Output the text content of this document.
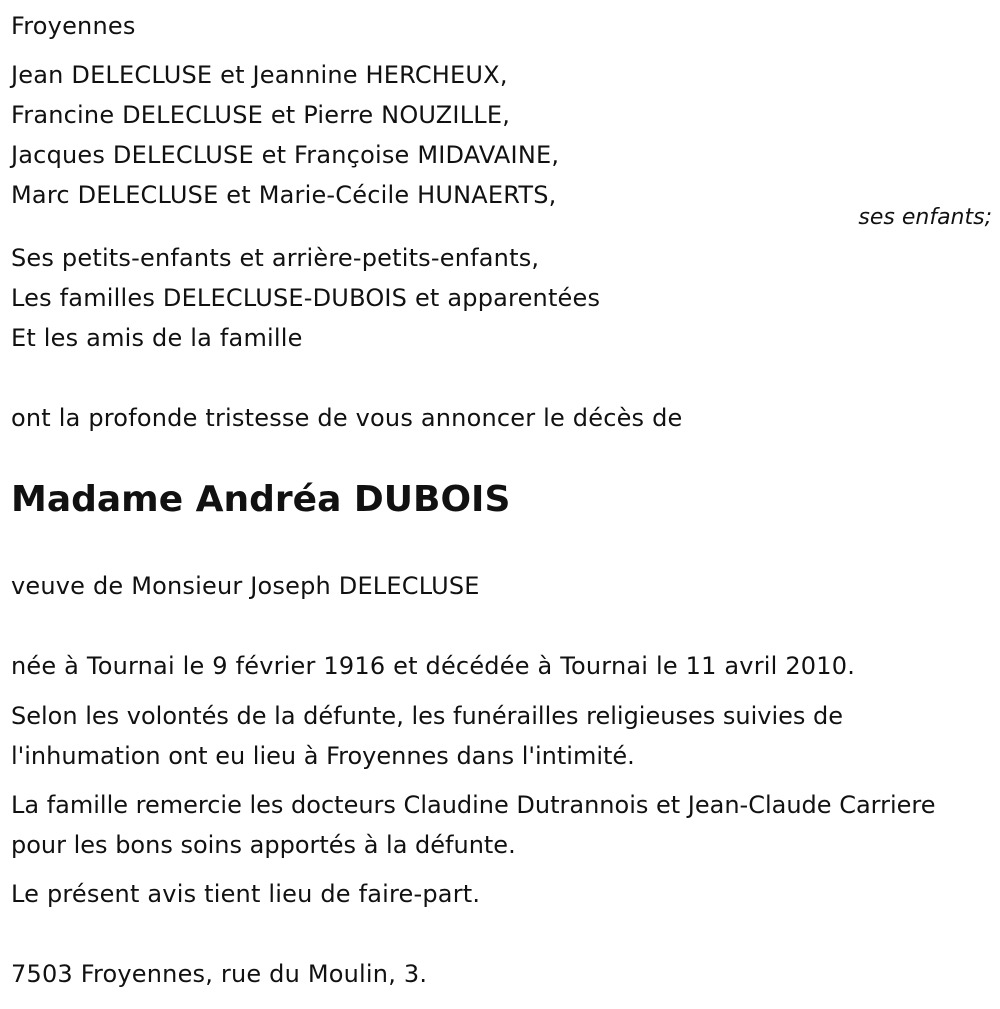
Froyennes
Jean DELECLUSE et Jeannine HERCHEUX,
Francine DELECLUSE et Pierre NOUZILLE,
Jacques DELECLUSE et Françoise MIDAVAINE,
Marc DELECLUSE et Marie-Cécile HUNAERTS,
ses enfants;
Ses petits-enfants et arrière-petits-enfants,
Les familles DELECLUSE-DUBOIS et apparentées
Et les amis de la famille
ont la profonde tristesse de vous annoncer le décès de
Madame Andréa DUBOIS
veuve de Monsieur Joseph DELECLUSE
née à Tournai le 9 février 1916 et décédée à Tournai le 11 avril 2010.
Selon les volontés de la défunte, les funérailles religieuses suivies de l'inhumation ont eu lieu à Froyennes dans l'intimité.
La famille remercie les docteurs Claudine Dutrannois et Jean-Claude Carriere pour les bons soins apportés à la défunte.
Le présent avis tient lieu de faire-part.
7503 Froyennes, rue du Moulin, 3.
